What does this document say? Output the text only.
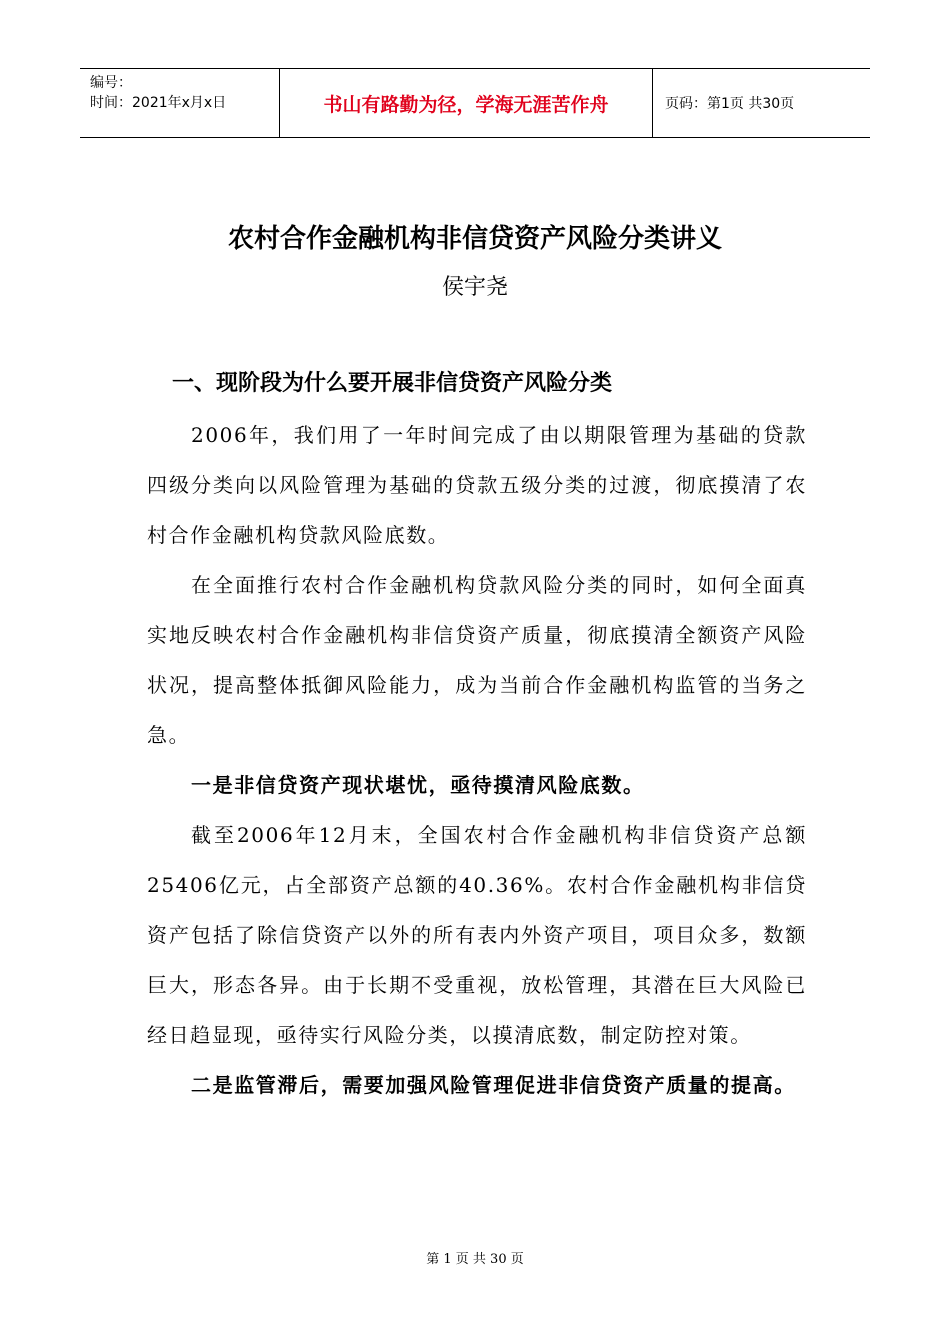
编号：
时间：2021年x月x日	书山有路勤为径，学海无涯苦作舟	页码：第1页 共30页
农村合作金融机构非信贷资产风险分类讲义
侯宇尧
一、现阶段为什么要开展非信贷资产风险分类

2006年，我们用了一年时间完成了由以期限管理为基础的贷款四级分类向以风险管理为基础的贷款五级分类的过渡，彻底摸清了农村合作金融机构贷款风险底数。

在全面推行农村合作金融机构贷款风险分类的同时，如何全面真实地反映农村合作金融机构非信贷资产质量，彻底摸清全额资产风险状况，提高整体抵御风险能力，成为当前合作金融机构监管的当务之急。

一是非信贷资产现状堪忧，亟待摸清风险底数。

截至2006年12月末，全国农村合作金融机构非信贷资产总额25406亿元，占全部资产总额的40.36%。农村合作金融机构非信贷资产包括了除信贷资产以外的所有表内外资产项目，项目众多，数额巨大，形态各异。由于长期不受重视，放松管理，其潜在巨大风险已经日趋显现，亟待实行风险分类，以摸清底数，制定防控对策。

二是监管滞后，需要加强风险管理促进非信贷资产质量的提高。

第 1 页 共 30 页
